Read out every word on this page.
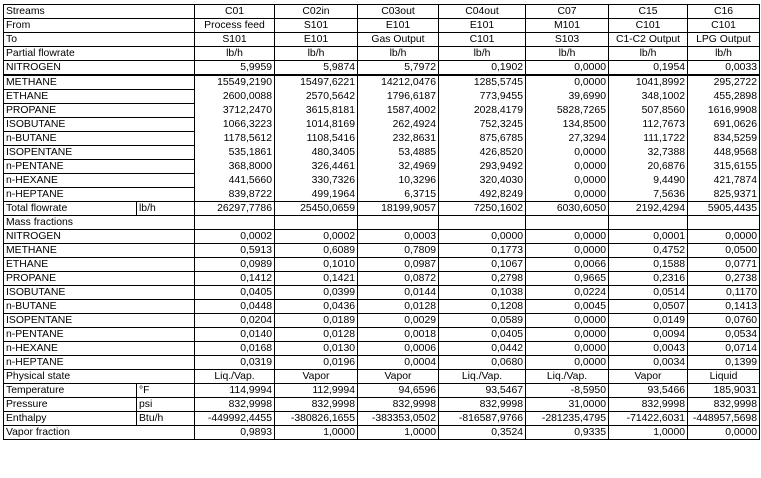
Streams		C01	C02in	C03out	C04out	C07	C15	C16
From		Process feed	S101	E101	E101	M101	C101	C101
To		S101	E101	Gas Output	C101	S103	C1-C2 Output	LPG Output
Partial flowrate		lb/h	lb/h	lb/h	lb/h	lb/h	lb/h	lb/h
NITROGEN		5,9959	5,9874	5,7972	0,1902	0,0000	0,1954	0,0033
METHANE		15549,2190	15497,6221	14212,0476	1285,5745	0,0000	1041,8992	295,2722
ETHANE		2600,0088	2570,5642	1796,6187	773,9455	39,6990	348,1002	455,2898
PROPANE		3712,2470	3615,8181	1587,4002	2028,4179	5828,7265	507,8560	1616,9908
ISOBUTANE		1066,3223	1014,8169	262,4924	752,3245	134,8500	112,7673	691,0626
n-BUTANE		1178,5612	1108,5416	232,8631	875,6785	27,3294	111,1722	834,5259
ISOPENTANE		535,1861	480,3405	53,4885	426,8520	0,0000	32,7388	448,9568
n-PENTANE		368,8000	326,4461	32,4969	293,9492	0,0000	20,6876	315,6155
n-HEXANE		441,5660	330,7326	10,3296	320,4030	0,0000	9,4490	421,7874
n-HEPTANE		839,8722	499,1964	6,3715	492,8249	0,0000	7,5636	825,9371
Total flowrate	lb/h	26297,7786	25450,0659	18199,9057	7250,1602	6030,6050	2192,4294	5905,4435
Mass fractions								
NITROGEN		0,0002	0,0002	0,0003	0,0000	0,0000	0,0001	0,0000
METHANE		0,5913	0,6089	0,7809	0,1773	0,0000	0,4752	0,0500
ETHANE		0,0989	0,1010	0,0987	0,1067	0,0066	0,1588	0,0771
PROPANE		0,1412	0,1421	0,0872	0,2798	0,9665	0,2316	0,2738
ISOBUTANE		0,0405	0,0399	0,0144	0,1038	0,0224	0,0514	0,1170
n-BUTANE		0,0448	0,0436	0,0128	0,1208	0,0045	0,0507	0,1413
ISOPENTANE		0,0204	0,0189	0,0029	0,0589	0,0000	0,0149	0,0760
n-PENTANE		0,0140	0,0128	0,0018	0,0405	0,0000	0,0094	0,0534
n-HEXANE		0,0168	0,0130	0,0006	0,0442	0,0000	0,0043	0,0714
n-HEPTANE		0,0319	0,0196	0,0004	0,0680	0,0000	0,0034	0,1399
Physical state		Liq./Vap.	Vapor	Vapor	Liq./Vap.	Liq./Vap.	Vapor	Liquid
Temperature	°F	114,9994	112,9994	94,6596	93,5467	-8,5950	93,5466	185,9031
Pressure	psi	832,9998	832,9998	832,9998	832,9998	31,0000	832,9998	832,9998
Enthalpy	Btu/h	-449992,4455	-380826,1655	-383353,0502	-816587,9766	-281235,4795	-71422,6031	-448957,5698
Vapor fraction		0,9893	1,0000	1,0000	0,3524	0,9335	1,0000	0,0000
